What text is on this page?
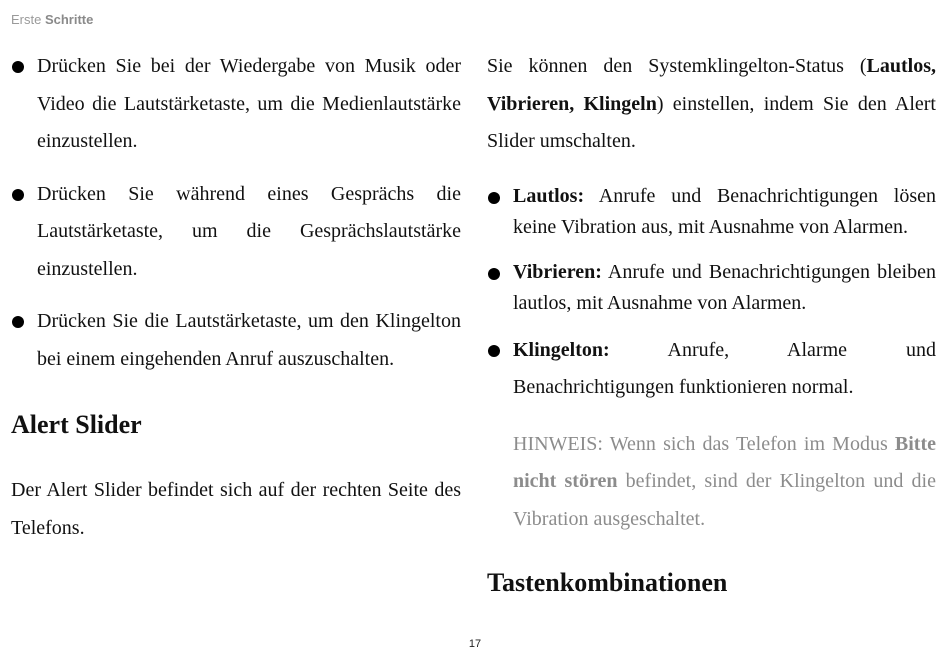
Erste Schritte

Drücken Sie bei der Wiedergabe von Musik oder Video die Lautstärketaste, um die Medienlautstärke einzustellen.

Drücken Sie während eines Gesprächs die Lautstärketaste, um die Gesprächslautstärke einzustellen.

Drücken Sie die Lautstärketaste, um den Klingelton bei einem eingehenden Anruf auszuschalten.

Alert Slider

Der Alert Slider befindet sich auf der rechten Seite des Telefons.

Sie können den Systemklingelton-Status (Lautlos, Vibrieren, Klingeln) einstellen, indem Sie den Alert Slider umschalten.

Lautlos: Anrufe und Benachrichtigungen lösen keine Vibration aus, mit Ausnahme von Alarmen.

Vibrieren: Anrufe und Benachrichtigungen bleiben lautlos, mit Ausnahme von Alarmen.

Klingelton: Anrufe, Alarme und Benachrichtigungen funktionieren normal.

HINWEIS: Wenn sich das Telefon im Modus Bitte nicht stören befindet, sind der Klingelton und die Vibration ausgeschaltet.

Tastenkombinationen
17
